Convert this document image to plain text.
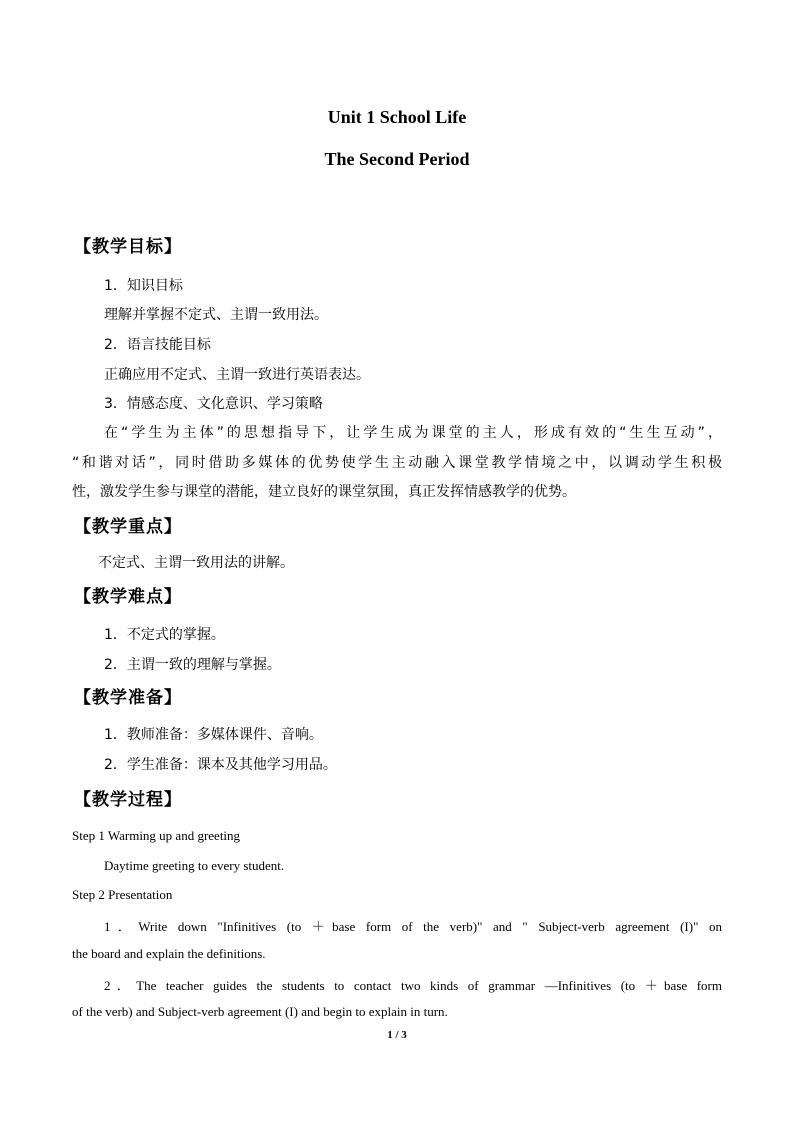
Unit 1 School Life
The Second Period
【教学目标】
1．知识目标
理解并掌握不定式、主谓一致用法。
2．语言技能目标
正确应用不定式、主谓一致进行英语表达。
3．情感态度、文化意识、学习策略
在“学生为主体”的思想指导下，让学生成为课堂的主人，形成有效的“生生互动”，
“和谐对话”，同时借助多媒体的优势使学生主动融入课堂教学情境之中，以调动学生积极
性，激发学生参与课堂的潜能，建立良好的课堂氛围，真正发挥情感教学的优势。
【教学重点】
不定式、主谓一致用法的讲解。
【教学难点】
1．不定式的掌握。
2．主谓一致的理解与掌握。
【教学准备】
1．教师准备：多媒体课件、音响。
2．学生准备：课本及其他学习用品。
【教学过程】
Step 1 Warming up and greeting
Daytime greeting to every student.
Step 2 Presentation
1．Write down "Infinitives (to ＋base form of the verb)" and " Subject-verb agreement (I)" on
the board and explain the definitions.
2．The teacher guides the students to contact two kinds of grammar —Infinitives (to ＋base form
of the verb) and Subject-verb agreement (I) and begin to explain in turn.
1 / 3
